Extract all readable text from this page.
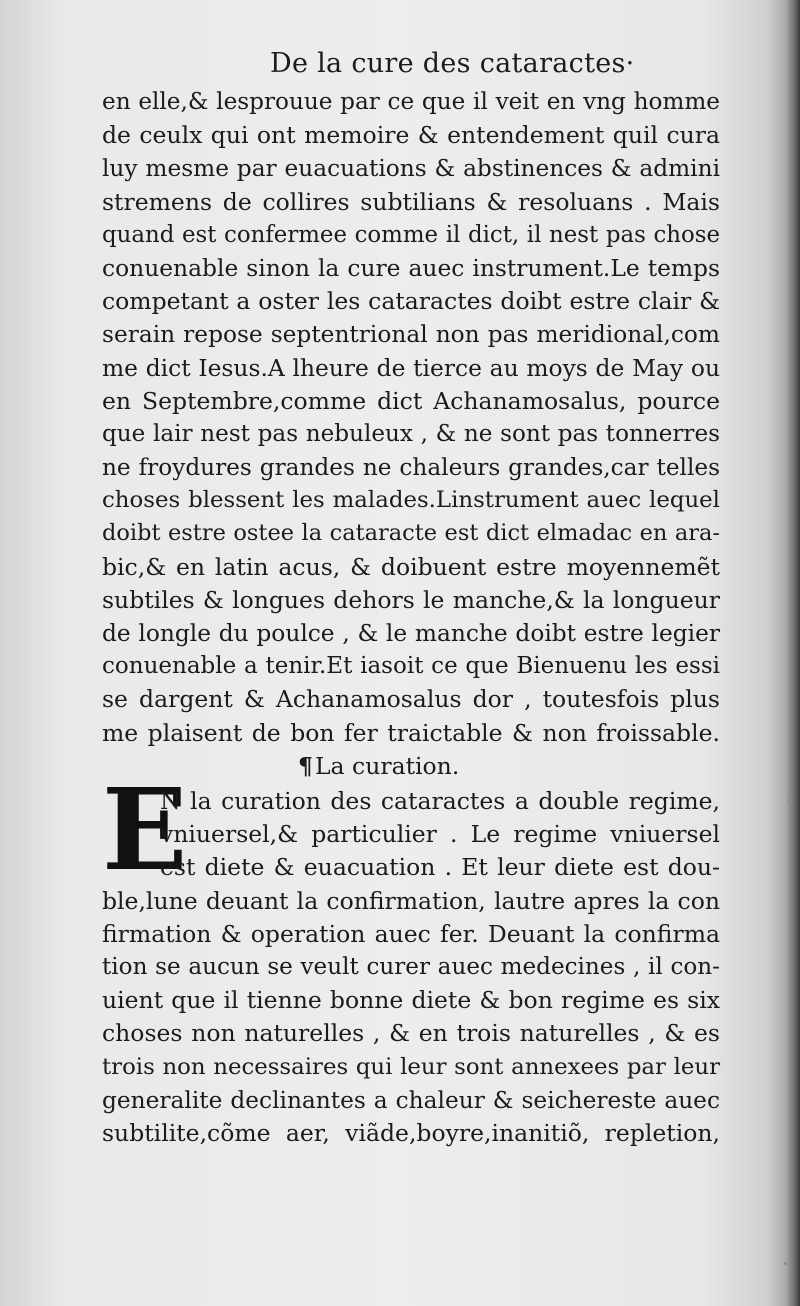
De la cure des cataractes·
en elle,& lesprouue par ce que il veit en vng homme
de ceulx qui ont memoire & entendement quil cura
luy mesme par euacuations & abstinences & admini
stremens de collires subtilians & resoluans . Mais
quand est confermee comme il dict, il nest pas chose
conuenable sinon la cure auec instrument.Le temps
competant a oster les cataractes doibt estre clair &
serain repose septentrional non pas meridional,com
me dict Iesus.A lheure de tierce au moys de May ou
en Septembre,comme dict Achanamosalus, pource
que lair nest pas nebuleux , & ne sont pas tonnerres
ne froydures grandes ne chaleurs grandes,car telles
choses blessent les malades.Linstrument auec lequel
doibt estre ostee la cataracte est dict elmadac en ara-
bic,& en latin acus, & doibuent estre moyennemẽt
subtiles & longues dehors le manche,& la longueur
de longle du poulce , & le manche doibt estre legier
conuenable a tenir.Et iasoit ce que Bienuenu les essi
se dargent & Achanamosalus dor , toutesfois plus
me plaisent de bon fer traictable & non froissable.
¶La curation.
E
N la curation des cataractes a double regime,
vniuersel,& particulier . Le regime vniuersel
est diete & euacuation . Et leur diete est dou-
ble,lune deuant la confirmation, lautre apres la con
firmation & operation auec fer. Deuant la confirma
tion se aucun se veult curer auec medecines , il con-
uient que il tienne bonne diete & bon regime es six
choses non naturelles , & en trois naturelles , & es
trois non necessaires qui leur sont annexees par leur
generalite declinantes a chaleur & seichereste auec
subtilite,cõme aer, viãde,boyre,inanitiõ, repletion,
